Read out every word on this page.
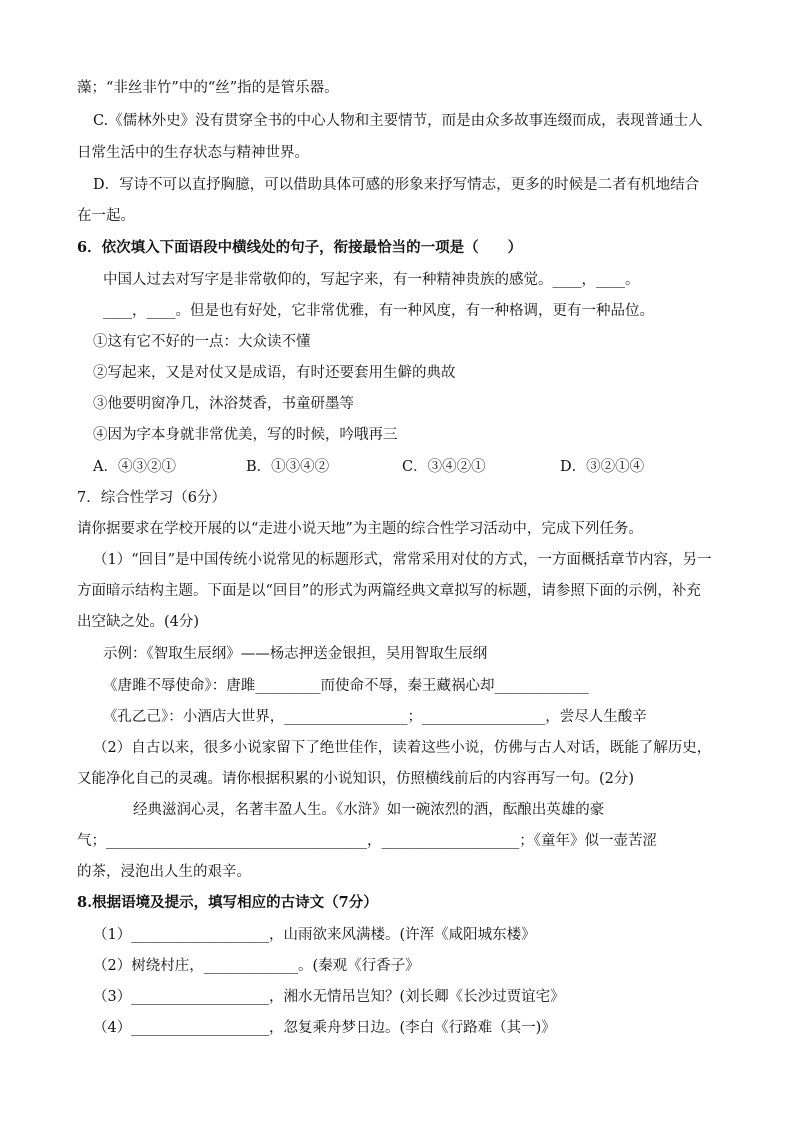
藻；“非丝非竹”中的“丝”指的是管乐器。
C.《儒林外史》没有贯穿全书的中心人物和主要情节，而是由众多故事连缀而成，表现普通士人
日常生活中的生存状态与精神世界。
D．写诗不可以直抒胸臆，可以借助具体可感的形象来抒写情志，更多的时候是二者有机地结合
在一起。
6．依次填入下面语段中横线处的句子，衔接最恰当的一项是（　　）
中国人过去对写字是非常敬仰的，写起字来，有一种精神贵族的感觉。____，____。
____，____。但是也有好处，它非常优雅，有一种风度，有一种格调，更有一种品位。
①这有它不好的一点：大众读不懂
②写起来，又是对仗又是成语，有时还要套用生僻的典故
③他要明窗净几，沐浴焚香，书童研墨等
④因为字本身就非常优美，写的时候，吟哦再三
A．④③②①	B．①③④②	C．③④②①	D．③②①④
7．综合性学习（6分）
请你据要求在学校开展的以“走进小说天地”为主题的综合性学习活动中，完成下列任务。
（1）“回目”是中国传统小说常见的标题形式，常常采用对仗的方式，一方面概括章节内容，另一
方面暗示结构主题。下面是以“回目”的形式为两篇经典文章拟写的标题，请参照下面的示例，补充
出空缺之处。(4分)
示例：《智取生辰纲》——杨志押送金银担，吴用智取生辰纲
《唐雎不辱使命》：唐雎_________而使命不辱，秦王藏祸心却_____________
《孔乙己》：小酒店大世界，_________________；_________________，尝尽人生酸辛
（2）自古以来，很多小说家留下了绝世佳作，读着这些小说，仿佛与古人对话，既能了解历史，
又能净化自己的灵魂。请你根据积累的小说知识，仿照横线前后的内容再写一句。(2分)
经典滋润心灵，名著丰盈人生。《水浒》如一碗浓烈的酒，酝酿出英雄的豪
气；____________________________________，___________________；《童年》似一壶苦涩
的茶，浸泡出人生的艰辛。
8.根据语境及提示，填写相应的古诗文（7分）
（1）___________________，山雨欲来风满楼。(许浑《咸阳城东楼》
（2）树绕村庄，_____________。(秦观《行香子》
（3）___________________，湘水无情吊岂知？(刘长卿《长沙过贾谊宅》
（4）___________________，忽复乘舟梦日边。(李白《行路难（其一)》
